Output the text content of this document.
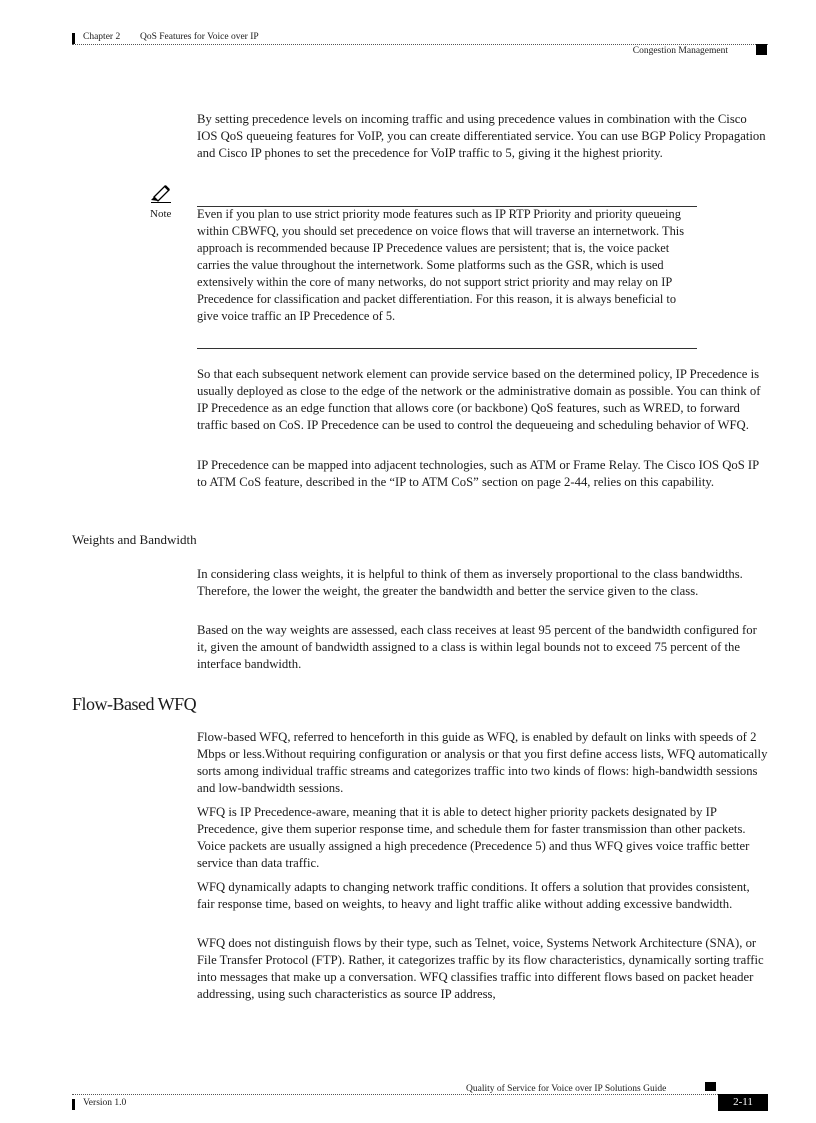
Chapter 2 QoS Features for Voice over IP
Congestion Management

By setting precedence levels on incoming traffic and using precedence values in combination with the Cisco IOS QoS queueing features for VoIP, you can create differentiated service. You can use BGP Policy Propagation and Cisco IP phones to set the precedence for VoIP traffic to 5, giving it the highest priority.

Note Even if you plan to use strict priority mode features such as IP RTP Priority and priority queueing within CBWFQ, you should set precedence on voice flows that will traverse an internetwork. This approach is recommended because IP Precedence values are persistent; that is, the voice packet carries the value throughout the internetwork. Some platforms such as the GSR, which is used extensively within the core of many networks, do not support strict priority and may relay on IP Precedence for classification and packet differentiation. For this reason, it is always beneficial to give voice traffic an IP Precedence of 5.

So that each subsequent network element can provide service based on the determined policy, IP Precedence is usually deployed as close to the edge of the network or the administrative domain as possible. You can think of IP Precedence as an edge function that allows core (or backbone) QoS features, such as WRED, to forward traffic based on CoS. IP Precedence can be used to control the dequeueing and scheduling behavior of WFQ.

IP Precedence can be mapped into adjacent technologies, such as ATM or Frame Relay. The Cisco IOS QoS IP to ATM CoS feature, described in the “IP to ATM CoS” section on page 2-44, relies on this capability.

Weights and Bandwidth

In considering class weights, it is helpful to think of them as inversely proportional to the class bandwidths. Therefore, the lower the weight, the greater the bandwidth and better the service given to the class.

Based on the way weights are assessed, each class receives at least 95 percent of the bandwidth configured for it, given the amount of bandwidth assigned to a class is within legal bounds not to exceed 75 percent of the interface bandwidth.

Flow-Based WFQ

Flow-based WFQ, referred to henceforth in this guide as WFQ, is enabled by default on links with speeds of 2 Mbps or less.Without requiring configuration or analysis or that you first define access lists, WFQ automatically sorts among individual traffic streams and categorizes traffic into two kinds of flows: high-bandwidth sessions and low-bandwidth sessions.

WFQ is IP Precedence-aware, meaning that it is able to detect higher priority packets designated by IP Precedence, give them superior response time, and schedule them for faster transmission than other packets. Voice packets are usually assigned a high precedence (Precedence 5) and thus WFQ gives voice traffic better service than data traffic.

WFQ dynamically adapts to changing network traffic conditions. It offers a solution that provides consistent, fair response time, based on weights, to heavy and light traffic alike without adding excessive bandwidth.

WFQ does not distinguish flows by their type, such as Telnet, voice, Systems Network Architecture (SNA), or File Transfer Protocol (FTP). Rather, it categorizes traffic by its flow characteristics, dynamically sorting traffic into messages that make up a conversation. WFQ classifies traffic into different flows based on packet header addressing, using such characteristics as source IP address,

Quality of Service for Voice over IP Solutions Guide
Version 1.0	2-11
